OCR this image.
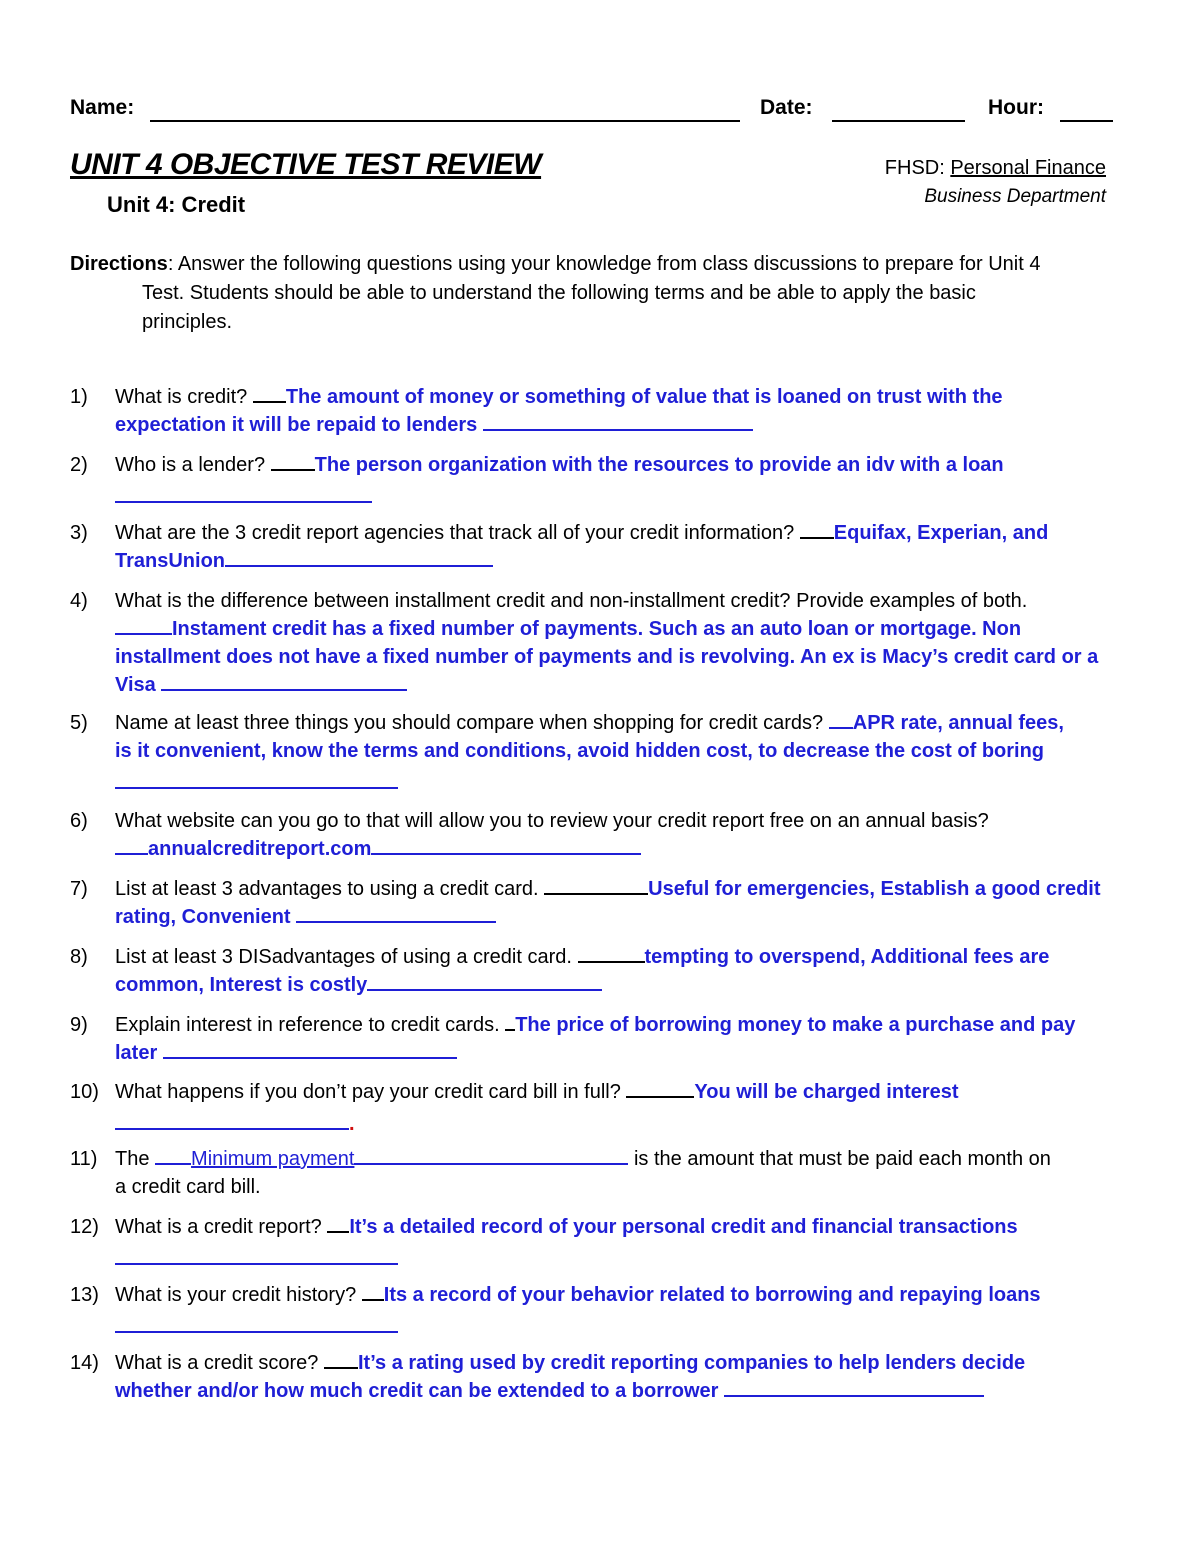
Name:	Date:	Hour:
UNIT 4 OBJECTIVE TEST REVIEW
Unit 4: Credit
FHSD: Personal Finance
Business Department
Directions: Answer the following questions using your knowledge from class discussions to prepare for Unit 4
Test. Students should be able to understand the following terms and be able to apply the basic
principles.
1)	What is credit? The amount of money or something of value that is loaned on trust with the
expectation it will be repaid to lenders
2)	Who is a lender? The person organization with the resources to provide an idv with a loan
3)	What are the 3 credit report agencies that track all of your credit information? Equifax, Experian, and
TransUnion
4)	What is the difference between installment credit and non-installment credit? Provide examples of both.
Instament credit has a fixed number of payments. Such as an auto loan or mortgage. Non
installment does not have a fixed number of payments and is revolving. An ex is Macy’s credit card or a
Visa
5)	Name at least three things you should compare when shopping for credit cards? APR rate, annual fees,
is it convenient, know the terms and conditions, avoid hidden cost, to decrease the cost of boring
6)	What website can you go to that will allow you to review your credit report free on an annual basis?
annualcreditreport.com
7)	List at least 3 advantages to using a credit card.	Useful for emergencies, Establish a good credit
rating, Convenient
8)	List at least 3 DISadvantages of using a credit card.	tempting to overspend, Additional fees are
common, Interest is costly
9)	Explain interest in reference to credit cards. The price of borrowing money to make a purchase and pay
later
10) What happens if you don’t pay your credit card bill in full?	You will be charged interest
.
11) The Minimum payment	is the amount that must be paid each month on
a credit card bill.
12) What is a credit report? It’s a detailed record of your personal credit and financial transactions
13) What is your credit history? Its a record of your behavior related to borrowing and repaying loans
14) What is a credit score? It’s a rating used by credit reporting companies to help lenders decide
whether and/or how much credit can be extended to a borrower
